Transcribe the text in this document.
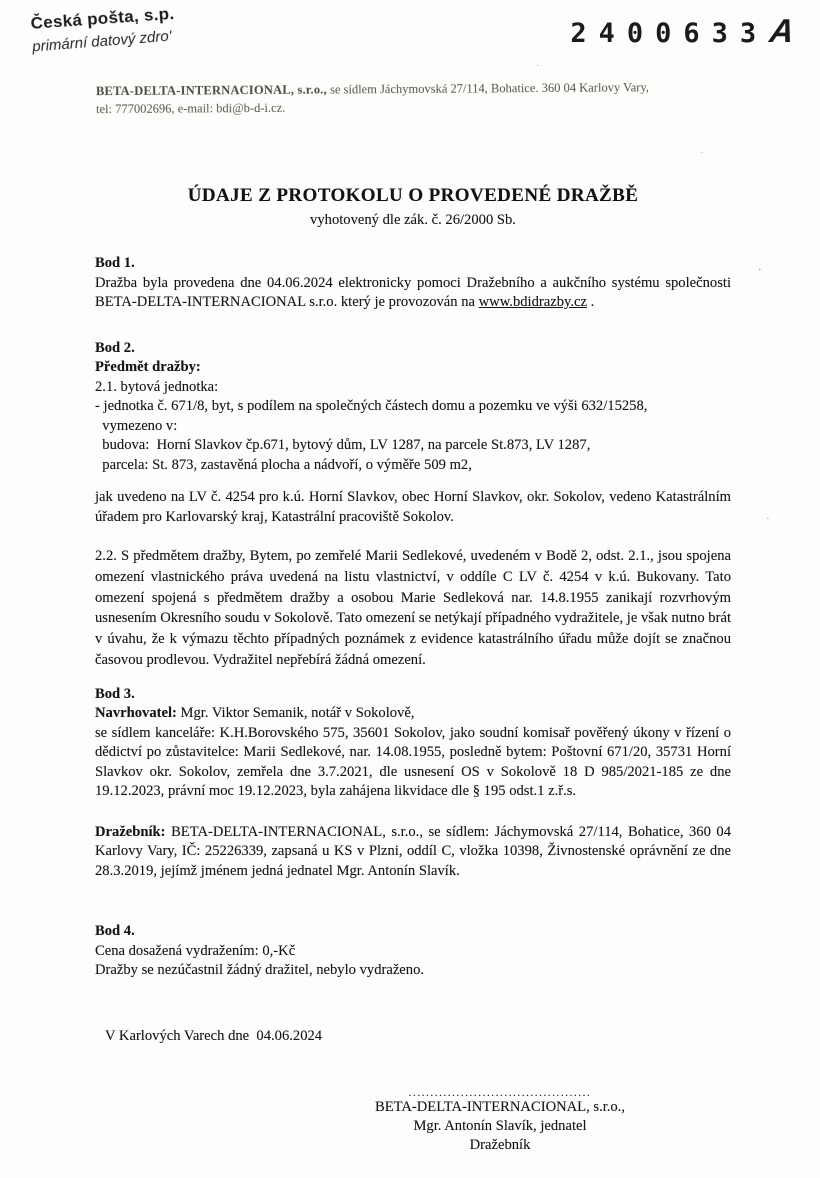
Česká pošta, s.p.
primární datový zdro'	2400633A
BETA-DELTA-INTERNACIONAL, s.r.o., se sídlem Jáchymovská 27/114, Bohatice. 360 04 Karlovy Vary,
tel: 777002696, e-mail: bdi@b-d-i.cz.
ÚDAJE Z PROTOKOLU O PROVEDENÉ DRAŽBĚ
vyhotovený dle zák. č. 26/2000 Sb.
Bod 1.
Dražba byla provedena dne 04.06.2024 elektronicky pomoci Dražebního a aukčního systému společnosti BETA-DELTA-INTERNACIONAL s.r.o. který je provozován na www.bdidrazby.cz .
Bod 2.
Předmět dražby:
2.1. bytová jednotka:
- jednotka č. 671/8, byt, s podílem na společných částech domu a pozemku ve výši 632/15258,
vymezeno v:
budova:  Horní Slavkov čp.671, bytový dům, LV 1287, na parcele St.873, LV 1287,
parcela: St. 873, zastavěná plocha a nádvoří, o výměře 509 m2,
jak uvedeno na LV č. 4254 pro k.ú. Horní Slavkov, obec Horní Slavkov, okr. Sokolov, vedeno Katastrálním úřadem pro Karlovarský kraj, Katastrální pracoviště Sokolov.
2.2. S předmětem dražby, Bytem, po zemřelé Marii Sedlekové, uvedeném v Bodě 2, odst. 2.1., jsou spojena omezení vlastnického práva uvedená na listu vlastnictví, v oddíle C LV č. 4254 v k.ú. Bukovany. Tato omezení spojená s předmětem dražby a osobou Marie Sedleková nar. 14.8.1955 zanikají rozvrhovým usnesením Okresního soudu v Sokolově. Tato omezení se netýkají případného vydražitele, je však nutno brát v úvahu, že k výmazu těchto případných poznámek z evidence katastrálního úřadu může dojít se značnou časovou prodlevou. Vydražitel nepřebírá žádná omezení.
Bod 3.
Navrhovatel: Mgr. Viktor Semanik, notář v Sokolově,
se sídlem kanceláře: K.H.Borovského 575, 35601 Sokolov, jako soudní komisař pověřený úkony v řízení o dědictví po zůstavitelce: Marii Sedlekové, nar. 14.08.1955, posledně bytem: Poštovní 671/20, 35731 Horní Slavkov okr. Sokolov, zemřela dne 3.7.2021, dle usnesení OS v Sokolově 18 D 985/2021-185 ze dne 19.12.2023, právní moc 19.12.2023, byla zahájena likvidace dle § 195 odst.1 z.ř.s.
Dražebník: BETA-DELTA-INTERNACIONAL, s.r.o., se sídlem: Jáchymovská 27/114, Bohatice, 360 04 Karlovy Vary, IČ: 25226339, zapsaná u KS v Plzni, oddíl C, vložka 10398, Živnostenské oprávnění ze dne 28.3.2019, jejímž jménem jedná jednatel Mgr. Antonín Slavík.
Bod 4.
Cena dosažená vydražením: 0,-Kč
Dražby se nezúčastnil žádný dražitel, nebylo vydraženo.
V Karlových Varech dne  04.06.2024
..........................................
BETA-DELTA-INTERNACIONAL, s.r.o.,
Mgr. Antonín Slavík, jednatel
Dražebník
·
·
·
·
